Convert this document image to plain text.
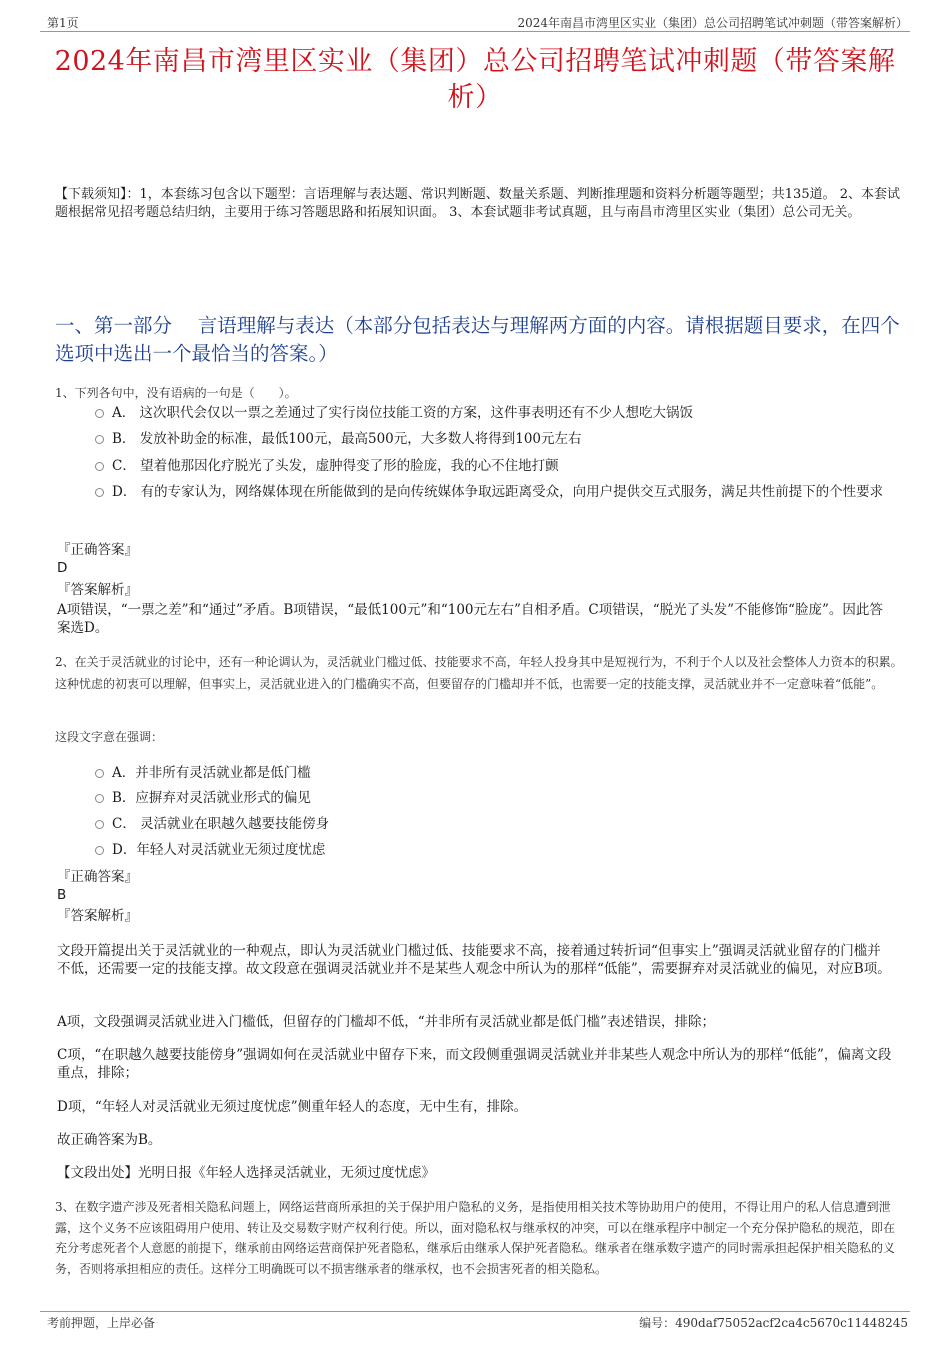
第1页	2024年南昌市湾里区实业（集团）总公司招聘笔试冲刺题（带答案解析）
2024年南昌市湾里区实业（集团）总公司招聘笔试冲刺题（带答案解析）
【下载须知】：1，本套练习包含以下题型：言语理解与表达题、常识判断题、数量关系题、判断推理题和资料分析题等题型；共135道。 2、本套试题根据常见招考题总结归纳，主要用于练习答题思路和拓展知识面。 3、本套试题非考试真题，且与南昌市湾里区实业（集团）总公司无关。
一、第一部分　 言语理解与表达（本部分包括表达与理解两方面的内容。请根据题目要求，在四个选项中选出一个最恰当的答案。）
1、下列各句中，没有语病的一句是（　　）。
A． 这次职代会仅以一票之差通过了实行岗位技能工资的方案，这件事表明还有不少人想吃大锅饭
B． 发放补助金的标准，最低100元，最高500元，大多数人将得到100元左右
C． 望着他那因化疗脱光了头发，虚肿得变了形的脸庞，我的心不住地打颤
D． 有的专家认为，网络媒体现在所能做到的是向传统媒体争取远距离受众，向用户提供交互式服务，满足共性前提下的个性要求
『正确答案』
D
『答案解析』
A项错误，“一票之差”和“通过”矛盾。B项错误，“最低100元”和“100元左右”自相矛盾。C项错误，“脱光了头发”不能修饰“脸庞”。因此答案选D。
2、在关于灵活就业的讨论中，还有一种论调认为，灵活就业门槛过低、技能要求不高，年轻人投身其中是短视行为，不利于个人以及社会整体人力资本的积累。这种忧虑的初衷可以理解，但事实上，灵活就业进入的门槛确实不高，但要留存的门槛却并不低，也需要一定的技能支撑，灵活就业并不一定意味着“低能”。
这段文字意在强调：
A．并非所有灵活就业都是低门槛
B．应摒弃对灵活就业形式的偏见
C． 灵活就业在职越久越要技能傍身
D．年轻人对灵活就业无须过度忧虑
『正确答案』
B
『答案解析』
文段开篇提出关于灵活就业的一种观点，即认为灵活就业门槛过低、技能要求不高，接着通过转折词“但事实上”强调灵活就业留存的门槛并不低，还需要一定的技能支撑。故文段意在强调灵活就业并不是某些人观念中所认为的那样“低能”，需要摒弃对灵活就业的偏见，对应B项。
A项，文段强调灵活就业进入门槛低，但留存的门槛却不低，“并非所有灵活就业都是低门槛”表述错误，排除；
C项，“在职越久越要技能傍身”强调如何在灵活就业中留存下来，而文段侧重强调灵活就业并非某些人观念中所认为的那样“低能”，偏离文段重点，排除；
D项，“年轻人对灵活就业无须过度忧虑”侧重年轻人的态度，无中生有，排除。
故正确答案为B。
【文段出处】光明日报《年轻人选择灵活就业，无须过度忧虑》
3、在数字遗产涉及死者相关隐私问题上，网络运营商所承担的关于保护用户隐私的义务，是指使用相关技术等协助用户的使用，不得让用户的私人信息遭到泄露，这个义务不应该阻碍用户使用、转让及交易数字财产权利行使。所以，面对隐私权与继承权的冲突，可以在继承程序中制定一个充分保护隐私的规范，即在充分考虑死者个人意愿的前提下，继承前由网络运营商保护死者隐私，继承后由继承人保护死者隐私。继承者在继承数字遗产的同时需承担起保护相关隐私的义务，否则将承担相应的责任。这样分工明确既可以不损害继承者的继承权，也不会损害死者的相关隐私。
考前押题，上岸必备	编号：490daf75052acf2ca4c5670c11448245
